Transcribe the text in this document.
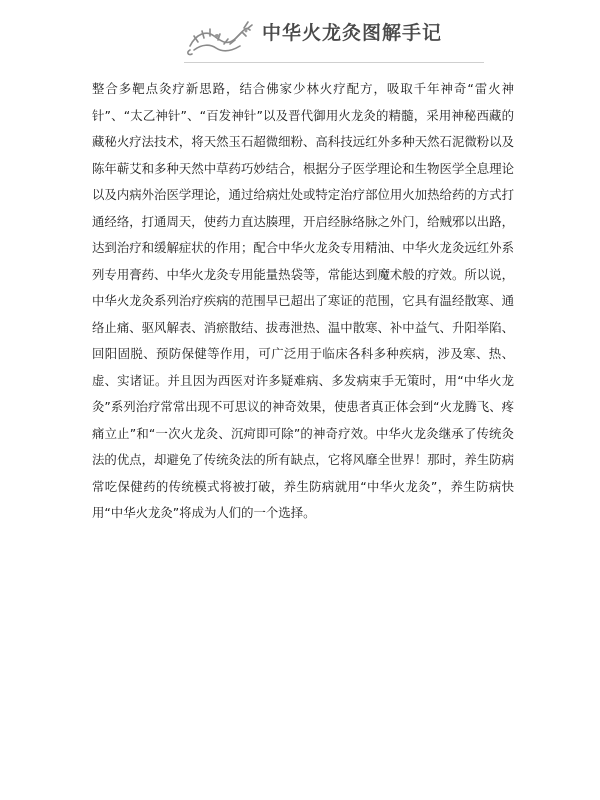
中华火龙灸图解手记

整合多靶点灸疗新思路，结合佛家少林火疗配方，吸取千年神奇“雷火神针”、“太乙神针”、“百发神针”以及晋代御用火龙灸的精髓，采用神秘西藏的藏秘火疗法技术，将天然玉石超微细粉、高科技远红外多种天然石泥微粉以及陈年蕲艾和多种天然中草药巧妙结合，根据分子医学理论和生物医学全息理论以及内病外治医学理论，通过给病灶处或特定治疗部位用火加热给药的方式打通经络，打通周天，使药力直达腠理，开启经脉络脉之外门，给贼邪以出路，达到治疗和缓解症状的作用；配合中华火龙灸专用精油、中华火龙灸远红外系列专用膏药、中华火龙灸专用能量热袋等，常能达到魔术般的疗效。所以说，中华火龙灸系列治疗疾病的范围早已超出了寒证的范围，它具有温经散寒、通络止痛、驱风解表、消瘀散结、拔毒泄热、温中散寒、补中益气、升阳举陷、回阳固脱、预防保健等作用，可广泛用于临床各科多种疾病，涉及寒、热、虚、实诸证。并且因为西医对许多疑难病、多发病束手无策时，用“中华火龙灸”系列治疗常常出现不可思议的神奇效果，使患者真正体会到“火龙腾飞、疼痛立止”和“一次火龙灸、沉疴即可除”的神奇疗效。中华火龙灸继承了传统灸法的优点，却避免了传统灸法的所有缺点，它将风靡全世界！那时，养生防病常吃保健药的传统模式将被打破，养生防病就用“中华火龙灸”，养生防病快用“中华火龙灸”将成为人们的一个选择。
